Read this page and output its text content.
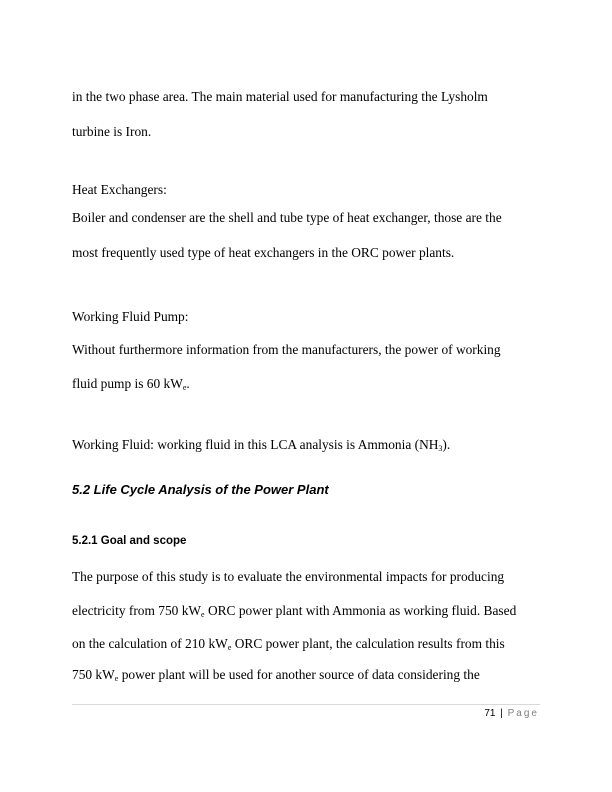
in the two phase area. The main material used for manufacturing the Lysholm
turbine is Iron.
Heat Exchangers:
Boiler and condenser are the shell and tube type of heat exchanger, those are the
most frequently used type of heat exchangers in the ORC power plants.
Working Fluid Pump:
Without furthermore information from the manufacturers, the power of working
fluid pump is 60 $kW_e$.
Working Fluid: working fluid in this LCA analysis is Ammonia $(NH_3)$.
5.2 Life Cycle Analysis of the Power Plant
5.2.1 Goal and scope
The purpose of this study is to evaluate the environmental impacts for producing
electricity from 750 $kW_e$ ORC power plant with Ammonia as working fluid. Based
on the calculation of 210 $kW_e$ ORC power plant, the calculation results from this
750 $kW_e$ power plant will be used for another source of data considering the
71 | Page
